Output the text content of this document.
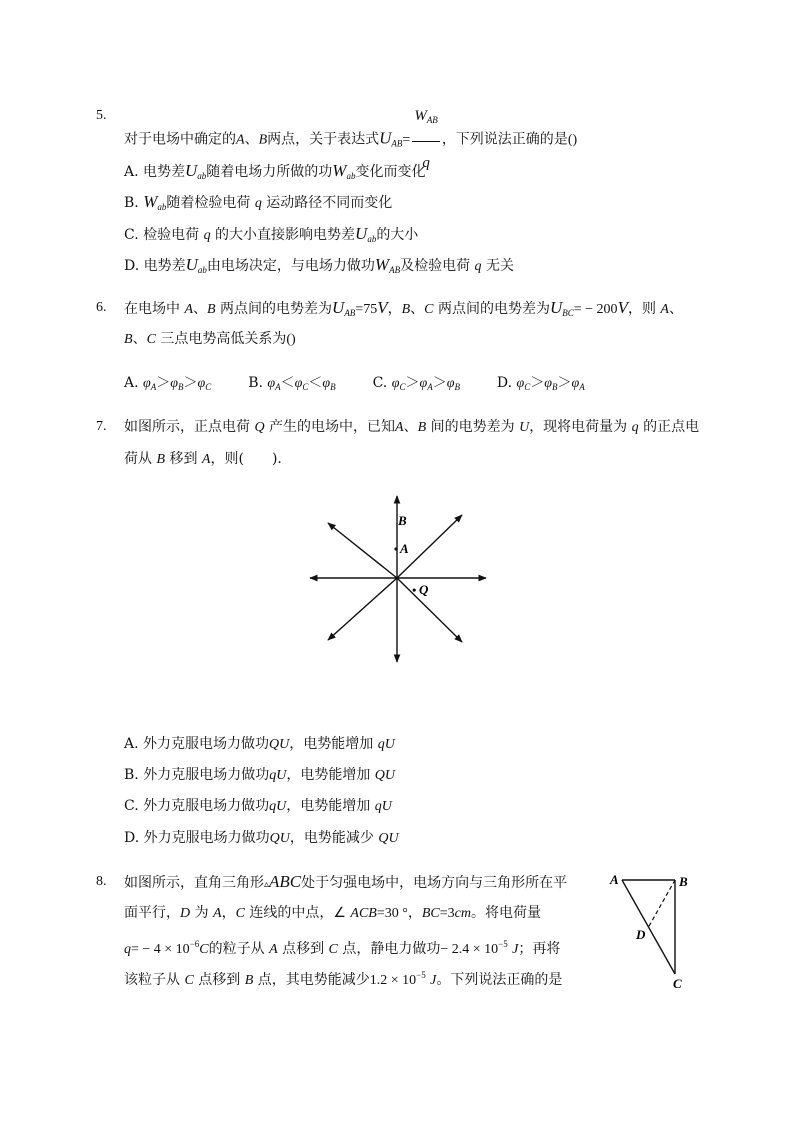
5.
对于电场中确定的A、B两点，关于表达式$U_{AB}= \frac{W_{AB}}{q}$ ，下列说法正确的是()
A. 电势差$U_{ab}$随着电场力所做的功$W_{ab}$变化而变化
B. $W_{ab}$随着检验电荷 q 运动路径不同而变化
C. 检验电荷 q 的大小直接影响电势差$U_{ab}$的大小
D. 电势差$U_{ab}$由电场决定，与电场力做功$W_{AB}$及检验电荷 q 无关
6. 在电场中 A、B 两点间的电势差为$U_{AB}=75V$，B、C 两点间的电势差为$U_{BC}= - 200V$，则 A、
B、C 三点电势高低关系为()
A. $\varphi_A>\varphi_B>\varphi_C$	B. $\varphi_A<\varphi_C<\varphi_B$	C. $\varphi_C>\varphi_A>\varphi_B$	D. $\varphi_C>\varphi_B>\varphi_A$
7. 如图所示，正点电荷 Q 产生的电场中，已知A、B 间的电势差为 U，现将电荷量为 q 的正点电
荷从 B 移到 A，则(　　).
B
A
• Q
A. 外力克服电场力做功QU，电势能增加 qU
B. 外力克服电场力做功qU，电势能增加 QU
C. 外力克服电场力做功qU，电势能增加 qU
D. 外力克服电场力做功QU，电势能减少 QU
8. 如图所示，直角三角形▵ABC处于匀强电场中，电场方向与三角形所在平
面平行，D 为 A，C 连线的中点，∠ ACB=30 °，BC=3cm。将电荷量
$q= - 4 \times 10^{-6}C$的粒子从 A 点移到 C 点，静电力做功− $2.4 \times 10^{-5}$ J；再将
该粒子从 C 点移到 B 点，其电势能减少$1.2 \times 10^{-5}$ J。下列说法正确的是
A	B
D
C
